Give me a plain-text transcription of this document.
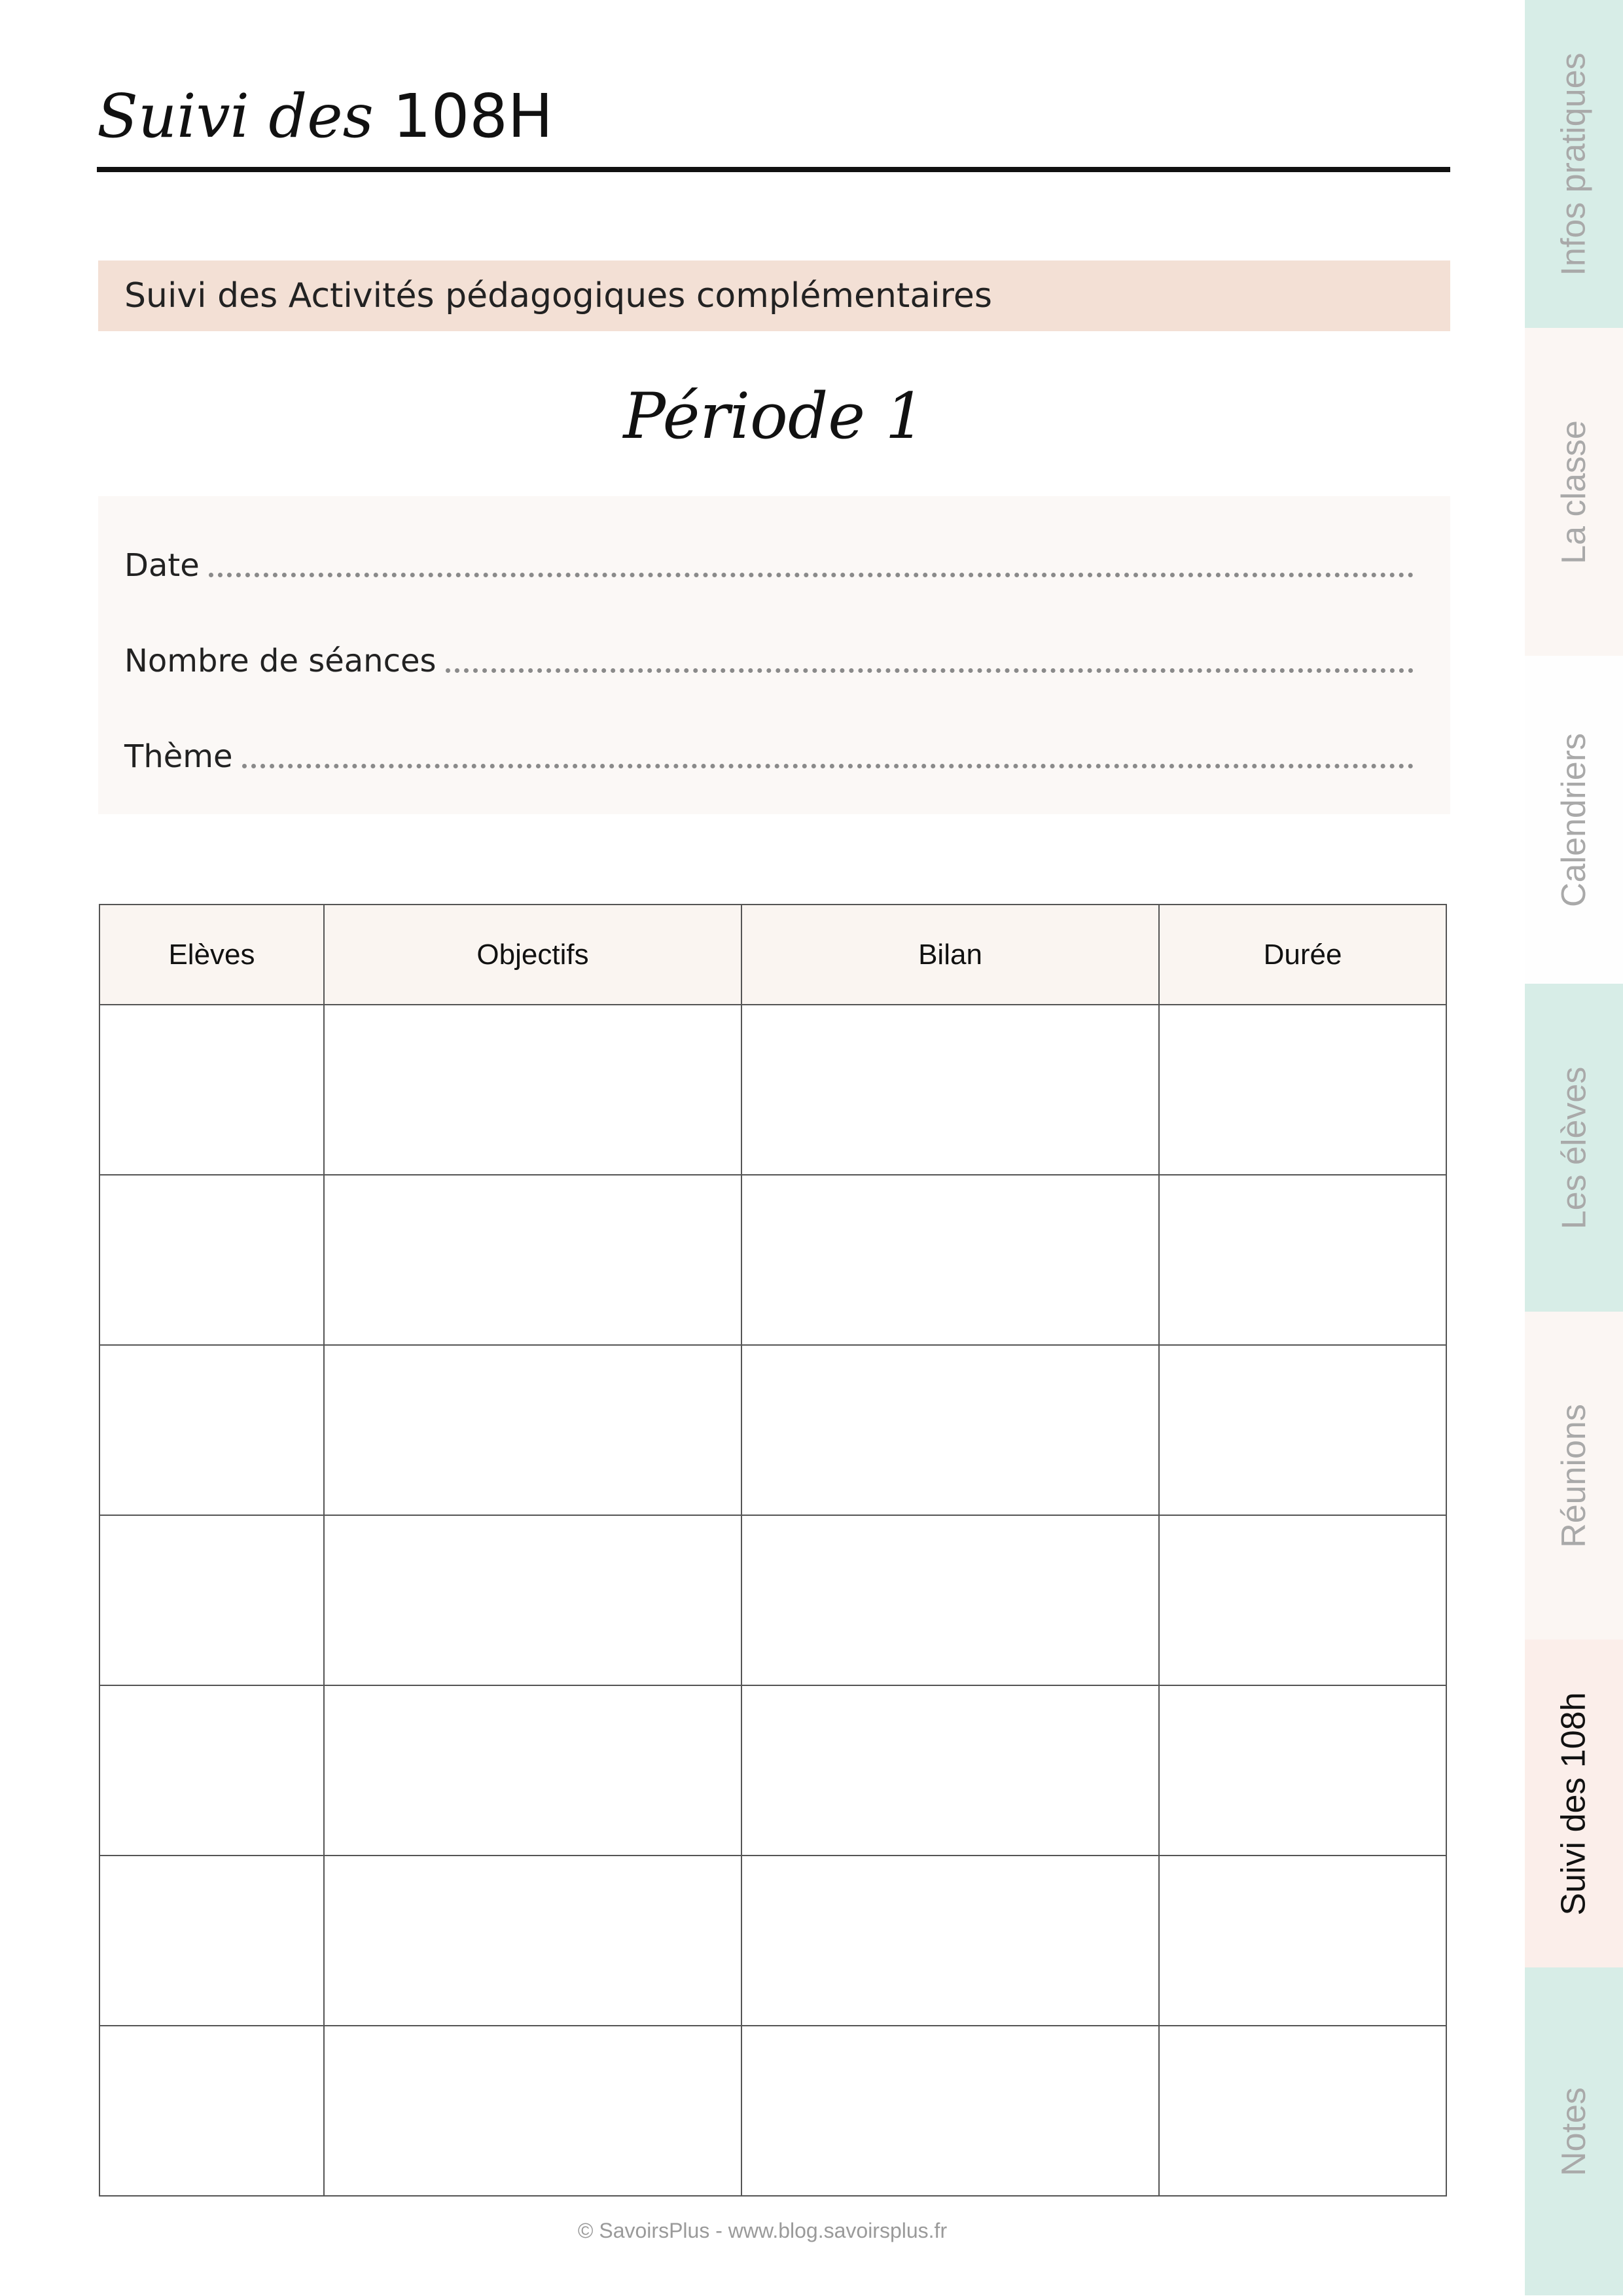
Suivi des 108H
Suivi des Activités pédagogiques complémentaires
Période 1
Date
Nombre de séances
Thème
Elèves	Objectifs	Bilan	Durée

© SavoirsPlus - www.blog.savoirsplus.fr
Infos pratiques
La classe
Calendriers
Les élèves
Réunions
Suivi des 108h
Notes
